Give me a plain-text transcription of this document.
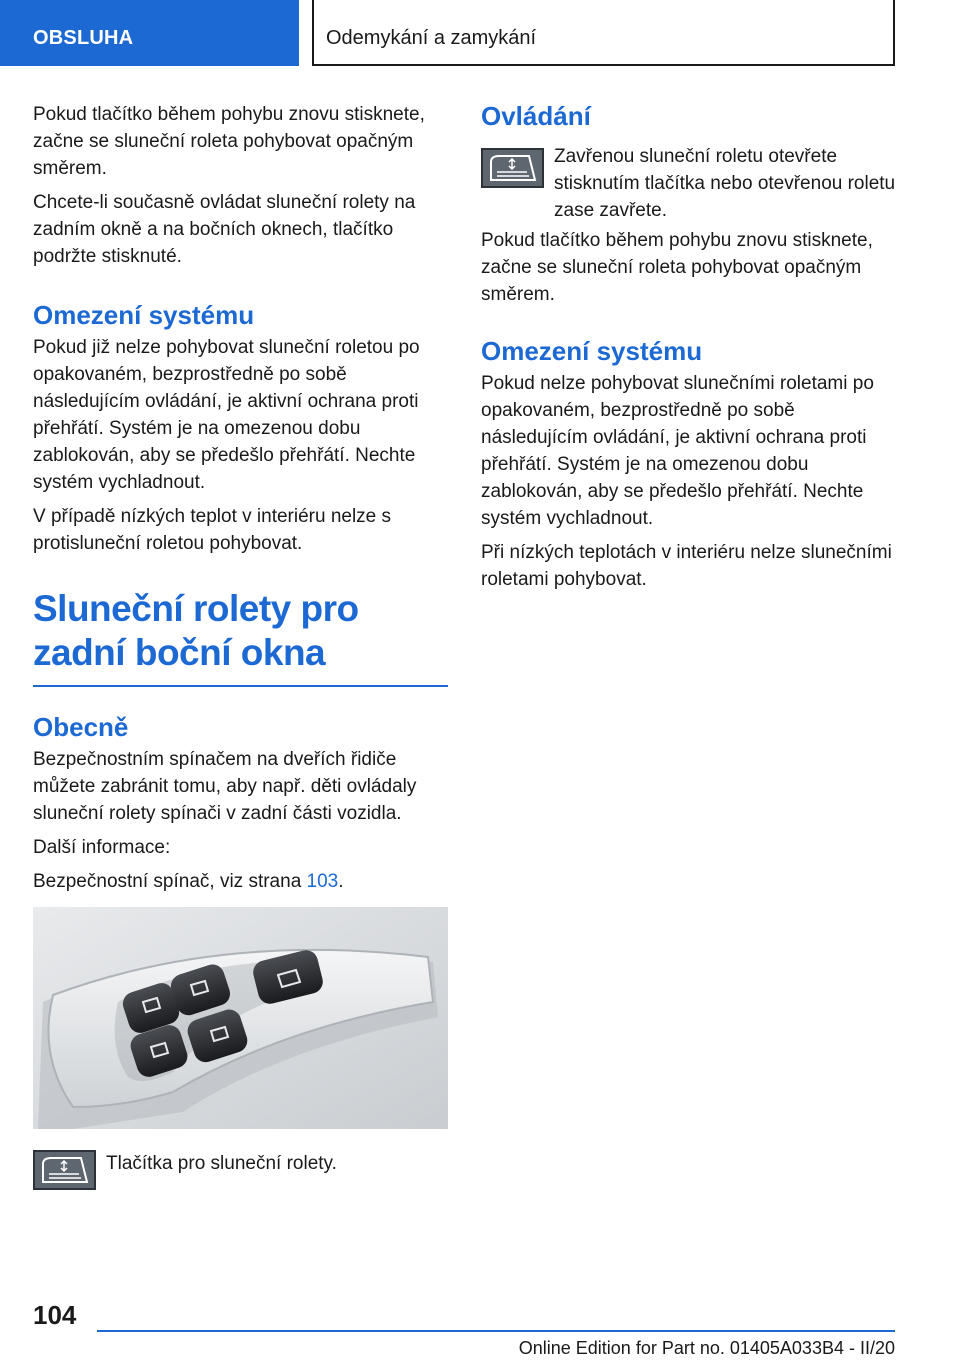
OBSLUHA	Odemykání a zamykání

Pokud tlačítko během pohybu znovu stisknete, začne se sluneční roleta pohybovat opačným směrem.

Chcete-li současně ovládat sluneční rolety na zadním okně a na bočních oknech, tlačítko podržte stisknuté.

Omezení systému

Pokud již nelze pohybovat sluneční roletou po opakovaném, bezprostředně po sobě následujícím ovládání, je aktivní ochrana proti přehřátí. Systém je na omezenou dobu zablokován, aby se předešlo přehřátí. Nechte systém vychladnout.

V případě nízkých teplot v interiéru nelze s protisluneční roletou pohybovat.

Sluneční rolety pro zadní boční okna
Obecně

Bezpečnostním spínačem na dveřích řidiče můžete zabránit tomu, aby např. děti ovládaly sluneční rolety spínači v zadní části vozidla.

Další informace:

Bezpečnostní spínač, viz strana 103.

Tlačítka pro sluneční rolety.

Ovládání

Zavřenou sluneční roletu otevřete stisknutím tlačítka nebo otevřenou roletu zase zavřete.

Pokud tlačítko během pohybu znovu stisknete, začne se sluneční roleta pohybovat opačným směrem.

Omezení systému

Pokud nelze pohybovat slunečními roletami po opakovaném, bezprostředně po sobě následujícím ovládání, je aktivní ochrana proti přehřátí. Systém je na omezenou dobu zablokován, aby se předešlo přehřátí. Nechte systém vychladnout.

Při nízkých teplotách v interiéru nelze slunečními roletami pohybovat.

104
Online Edition for Part no. 01405A033B4 - II/20
